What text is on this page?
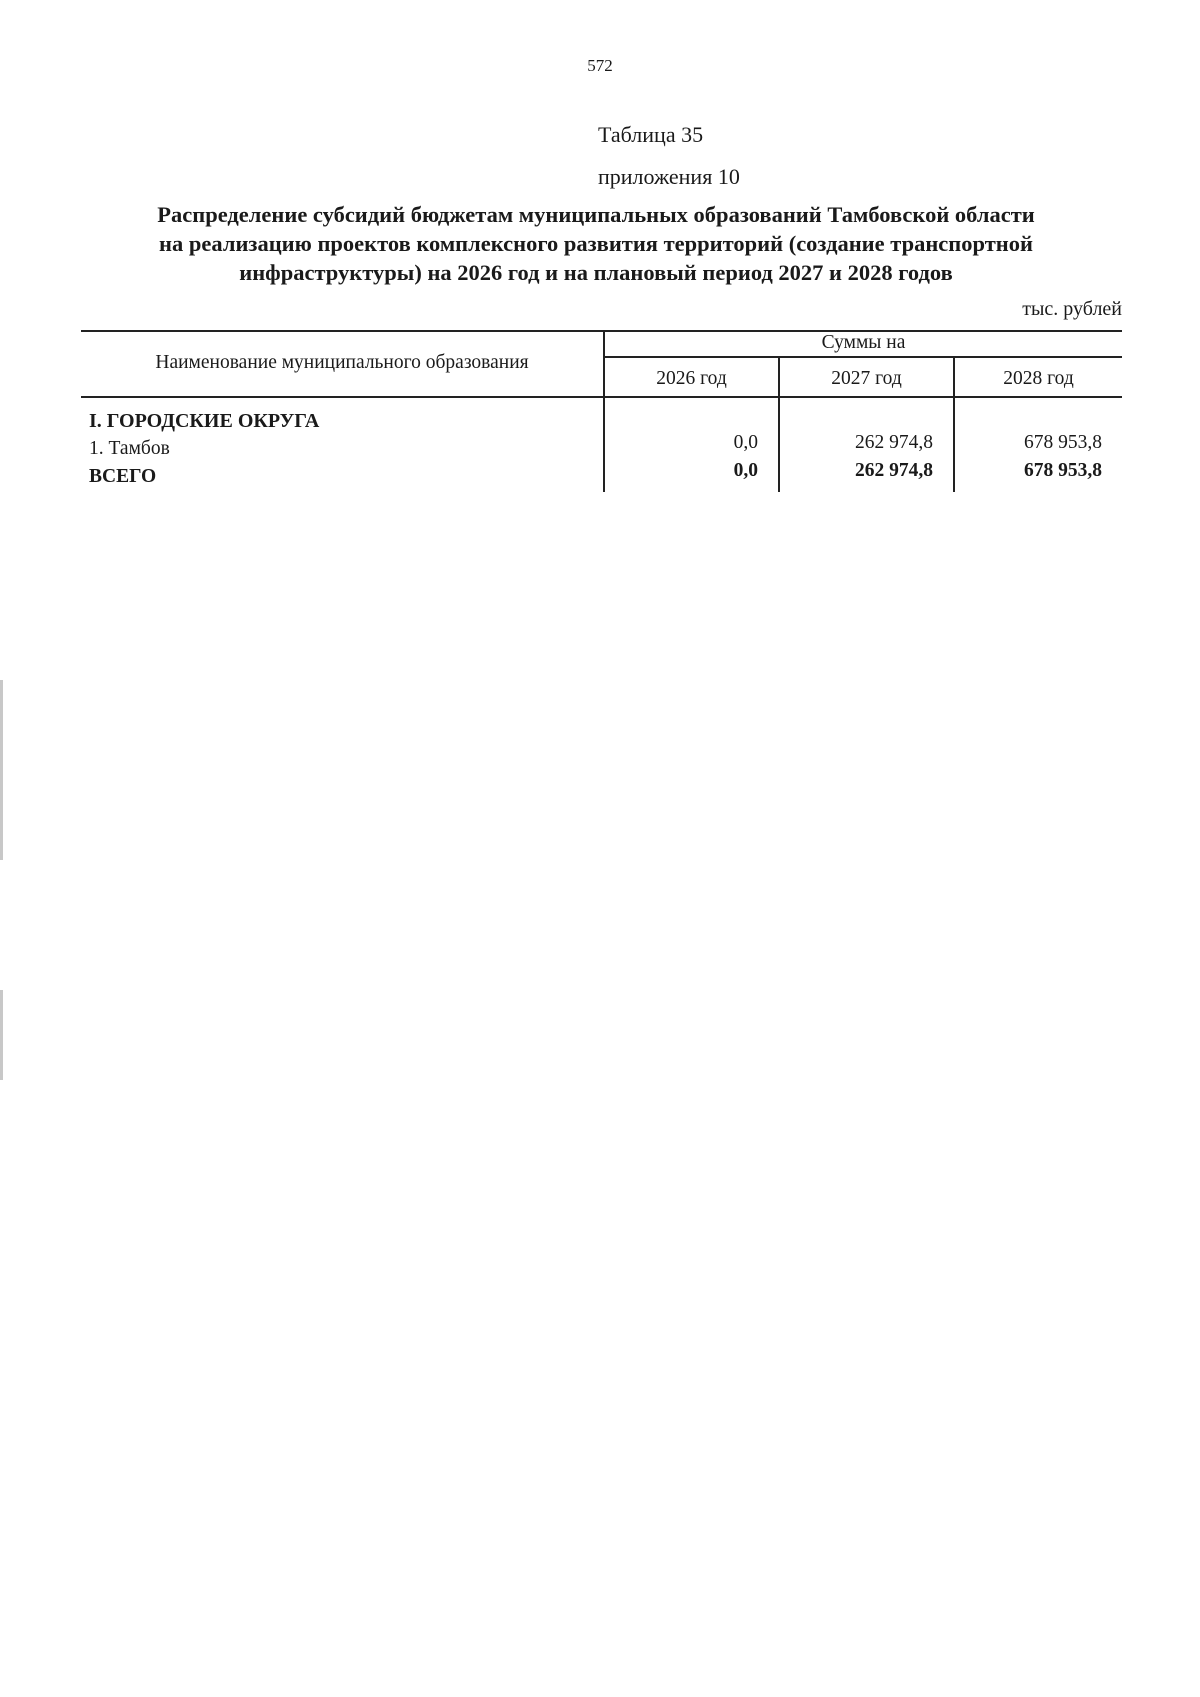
572
Таблица 35
приложения 10
Распределение субсидий бюджетам муниципальных образований Тамбовской области
на реализацию проектов комплексного развития территорий (создание транспортной
инфраструктуры) на 2026 год и на плановый период 2027 и 2028 годов
тыс. рублей
Наименование муниципального образования
Суммы на
2026 год	2027 год	2028 год
I. ГОРОДСКИЕ ОКРУГА
1. Тамбов	0,0	262 974,8	678 953,8
ВСЕГО	0,0	262 974,8	678 953,8
